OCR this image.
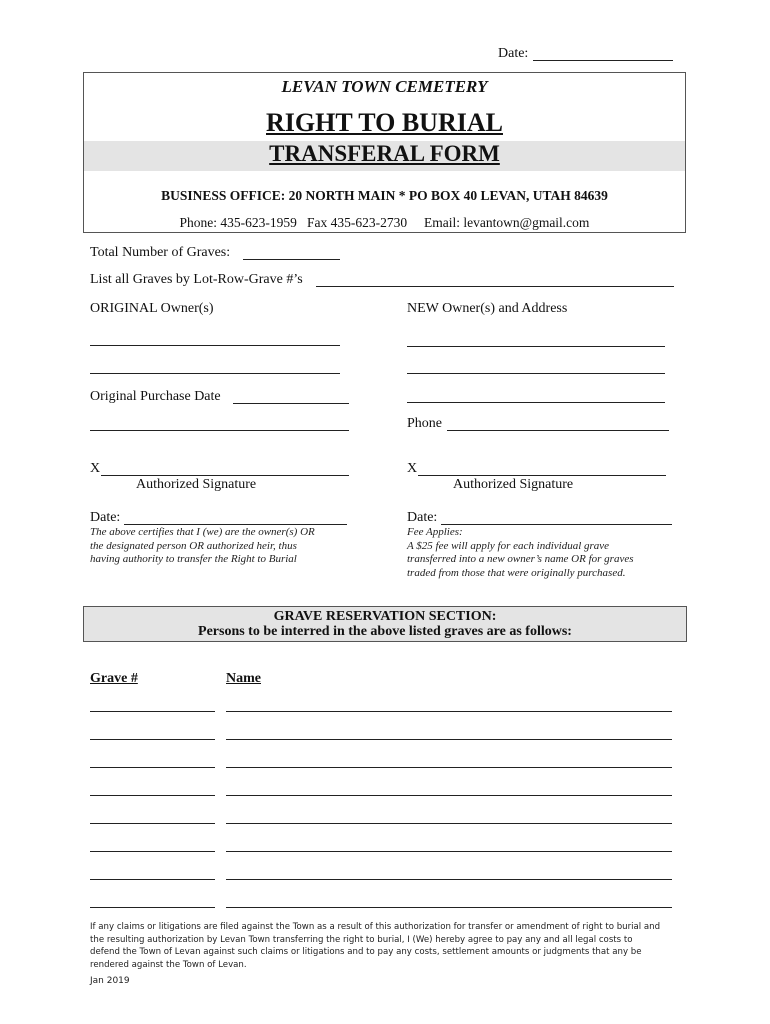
Date:
LEVAN TOWN CEMETERY
RIGHT TO BURIAL
TRANSFERAL FORM
BUSINESS OFFICE: 20 NORTH MAIN * PO BOX 40 LEVAN, UTAH 84639
Phone: 435-623-1959   Fax 435-623-2730     Email: levantown@gmail.com
Total Number of Graves:
List all Graves by Lot-Row-Grave #’s
ORIGINAL Owner(s)	NEW Owner(s) and Address
Original Purchase Date
Phone
X
Authorized Signature
X
Authorized Signature
Date:	Date:
The above certifies that I (we) are the owner(s) OR
the designated person OR authorized heir, thus
having authority to transfer the Right to Burial
Fee Applies:
A $25 fee will apply for each individual grave
transferred into a new owner’s name OR for graves
traded from those that were originally purchased.
GRAVE RESERVATION SECTION:
Persons to be interred in the above listed graves are as follows:
Grave #	Name
If any claims or litigations are filed against the Town as a result of this authorization for transfer or amendment of right to burial and
the resulting authorization by Levan Town transferring the right to burial, I (We) hereby agree to pay any and all legal costs to
defend the Town of Levan against such claims or litigations and to pay any costs, settlement amounts or judgments that any be
rendered against the Town of Levan.
Jan 2019
